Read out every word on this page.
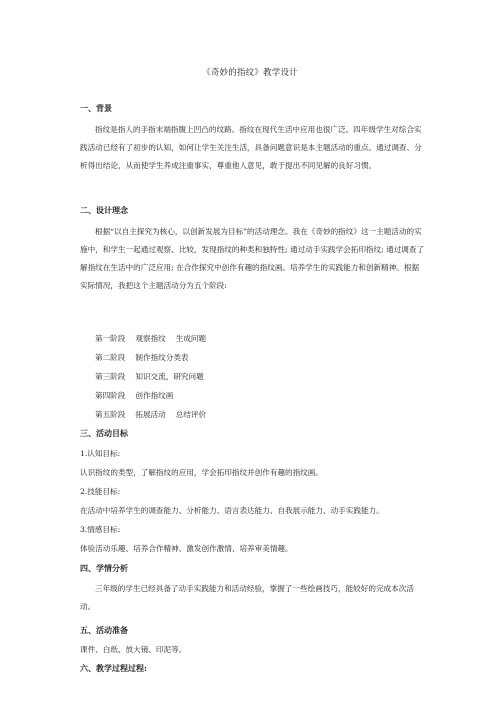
《奇妙的指纹》教学设计
一、背景
指纹是指人的手指末端指腹上凹凸的纹路。指纹在现代生活中应用也很广泛。四年级学生对综合实践活动已经有了初步的认知，如何让学生关注生活，具备问题意识是本主题活动的重点。通过调查、分析得出结论，从而使学生养成注重事实，尊重他人意见，敢于提出不同见解的良好习惯。
二、设计理念
根据“以自主探究为核心，以创新发展为目标”的活动理念。我在《奇妙的指纹》这一主题活动的实施中，和学生一起通过观察、比较，发现指纹的种类和独特性; 通过动手实践学会拓印指纹; 通过调查了解指纹在生活中的广泛应用; 在合作探究中创作有趣的指纹画。培养学生的实践能力和创新精神。根据实际情况，我把这个主题活动分为五个阶段:
第一阶段 观察指纹 生成问题
第二阶段 制作指纹分类表
第三阶段 知识交流，研究问题
第四阶段 创作指纹画
第五阶段 拓展活动 总结评价
三、活动目标
1.认知目标:
认识指纹的类型，了解指纹的应用，学会拓印指纹并创作有趣的指纹画。
2.技能目标:
在活动中培养学生的调查能力、分析能力、语言表达能力、自我展示能力、动手实践能力。
3.情感目标:
体验活动乐趣、培养合作精神、激发创作激情、培养审美情趣。
四、学情分析
三年级的学生已经具备了动手实践能力和活动经验，掌握了一些绘画技巧，能较好的完成本次活动。
五、活动准备
课件、白纸、放大镜、印泥等。
六、教学过程过程:
